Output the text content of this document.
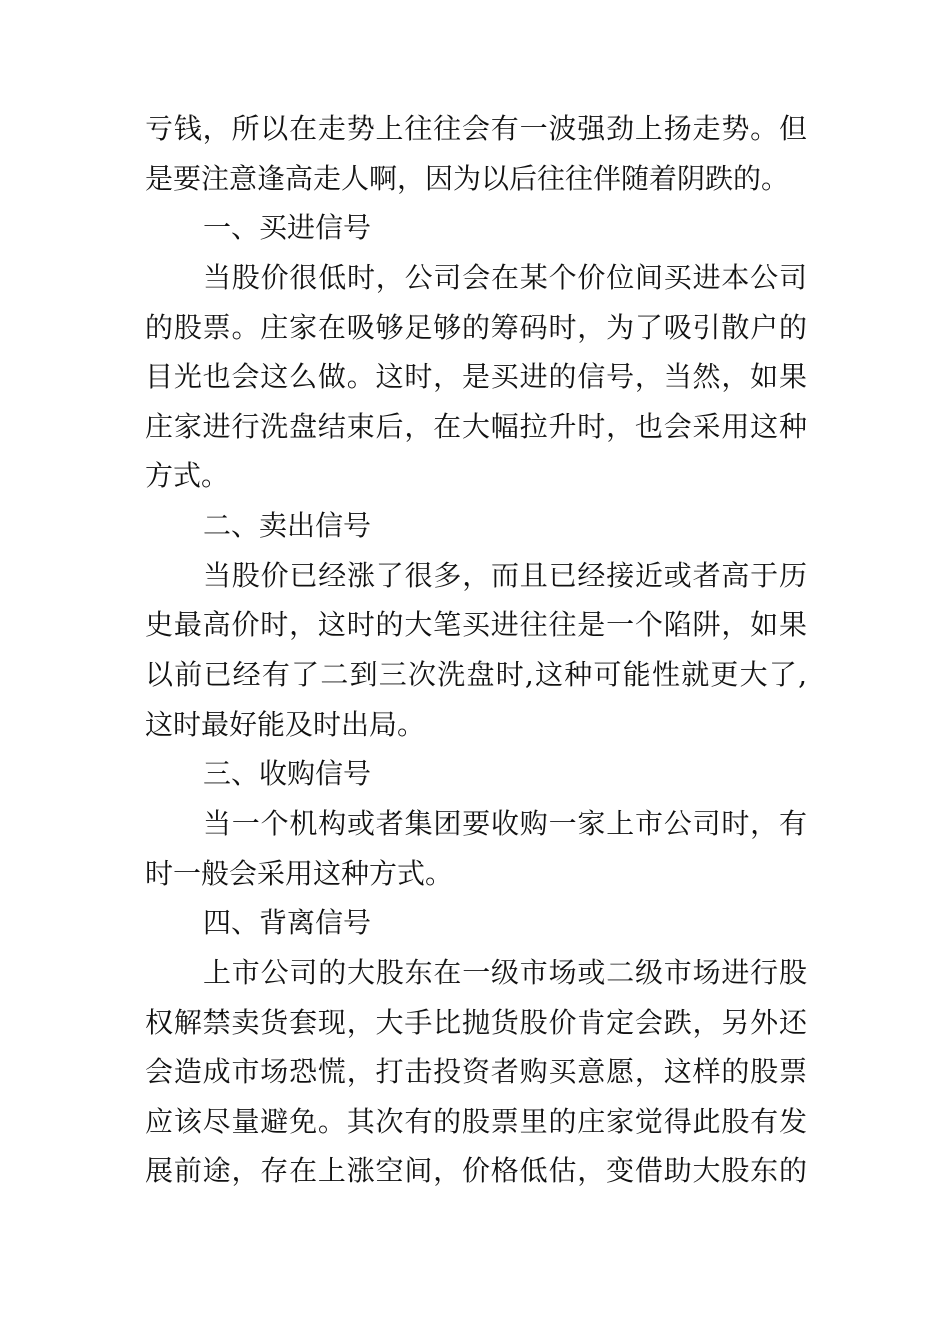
亏钱，所以在走势上往往会有一波强劲上扬走势。但
是要注意逢高走人啊，因为以后往往伴随着阴跌的。
一、买进信号
当股价很低时，公司会在某个价位间买进本公司
的股票。庄家在吸够足够的筹码时，为了吸引散户的
目光也会这么做。这时，是买进的信号，当然，如果
庄家进行洗盘结束后，在大幅拉升时，也会采用这种
方式。
二、卖出信号
当股价已经涨了很多，而且已经接近或者高于历
史最高价时，这时的大笔买进往往是一个陷阱，如果
以前已经有了二到三次洗盘时,这种可能性就更大了,
这时最好能及时出局。
三、收购信号
当一个机构或者集团要收购一家上市公司时，有
时一般会采用这种方式。
四、背离信号
上市公司的大股东在一级市场或二级市场进行股
权解禁卖货套现，大手比抛货股价肯定会跌，另外还
会造成市场恐慌，打击投资者购买意愿，这样的股票
应该尽量避免。其次有的股票里的庄家觉得此股有发
展前途，存在上涨空间，价格低估，变借助大股东的
